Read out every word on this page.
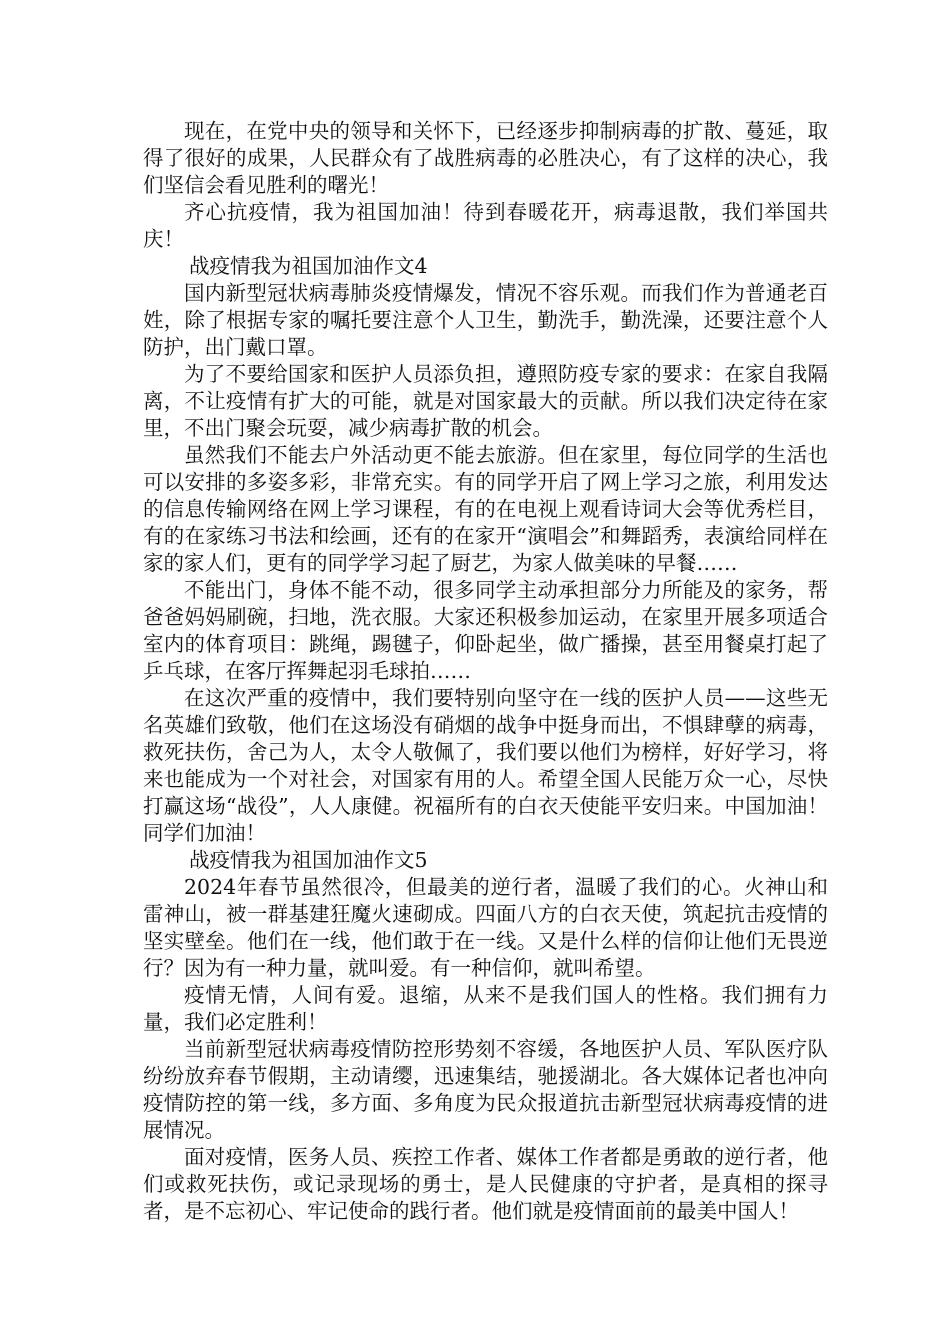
现在，在党中央的领导和关怀下，已经逐步抑制病毒的扩散、蔓延，取得了很好的成果，人民群众有了战胜病毒的必胜决心，有了这样的决心，我们坚信会看见胜利的曙光！

齐心抗疫情，我为祖国加油！待到春暖花开，病毒退散，我们举国共庆！

战疫情我为祖国加油作文4

国内新型冠状病毒肺炎疫情爆发，情况不容乐观。而我们作为普通老百姓，除了根据专家的嘱托要注意个人卫生，勤洗手，勤洗澡，还要注意个人防护，出门戴口罩。

为了不要给国家和医护人员添负担，遵照防疫专家的要求：在家自我隔离，不让疫情有扩大的可能，就是对国家最大的贡献。所以我们决定待在家里，不出门聚会玩耍，减少病毒扩散的机会。

虽然我们不能去户外活动更不能去旅游。但在家里，每位同学的生活也可以安排的多姿多彩，非常充实。有的同学开启了网上学习之旅，利用发达的信息传输网络在网上学习课程，有的在电视上观看诗词大会等优秀栏目，有的在家练习书法和绘画，还有的在家开“演唱会”和舞蹈秀，表演给同样在家的家人们，更有的同学学习起了厨艺，为家人做美味的早餐……

不能出门，身体不能不动，很多同学主动承担部分力所能及的家务，帮爸爸妈妈刷碗，扫地，洗衣服。大家还积极参加运动，在家里开展多项适合室内的体育项目：跳绳，踢毽子，仰卧起坐，做广播操，甚至用餐桌打起了乒乓球，在客厅挥舞起羽毛球拍……

在这次严重的疫情中，我们要特别向坚守在一线的医护人员——这些无名英雄们致敬，他们在这场没有硝烟的战争中挺身而出，不惧肆孽的病毒，救死扶伤，舍己为人，太令人敬佩了，我们要以他们为榜样，好好学习，将来也能成为一个对社会，对国家有用的人。希望全国人民能万众一心，尽快打赢这场“战役”，人人康健。祝福所有的白衣天使能平安归来。中国加油！同学们加油！

战疫情我为祖国加油作文5

2024年春节虽然很冷，但最美的逆行者，温暖了我们的心。火神山和雷神山，被一群基建狂魔火速砌成。四面八方的白衣天使，筑起抗击疫情的坚实壁垒。他们在一线，他们敢于在一线。又是什么样的信仰让他们无畏逆行？因为有一种力量，就叫爱。有一种信仰，就叫希望。

疫情无情，人间有爱。退缩，从来不是我们国人的性格。我们拥有力量，我们必定胜利！

当前新型冠状病毒疫情防控形势刻不容缓，各地医护人员、军队医疗队纷纷放弃春节假期，主动请缨，迅速集结，驰援湖北。各大媒体记者也冲向疫情防控的第一线，多方面、多角度为民众报道抗击新型冠状病毒疫情的进展情况。

面对疫情，医务人员、疾控工作者、媒体工作者都是勇敢的逆行者，他们或救死扶伤，或记录现场的勇士，是人民健康的守护者，是真相的探寻者，是不忘初心、牢记使命的践行者。他们就是疫情面前的最美中国人！
